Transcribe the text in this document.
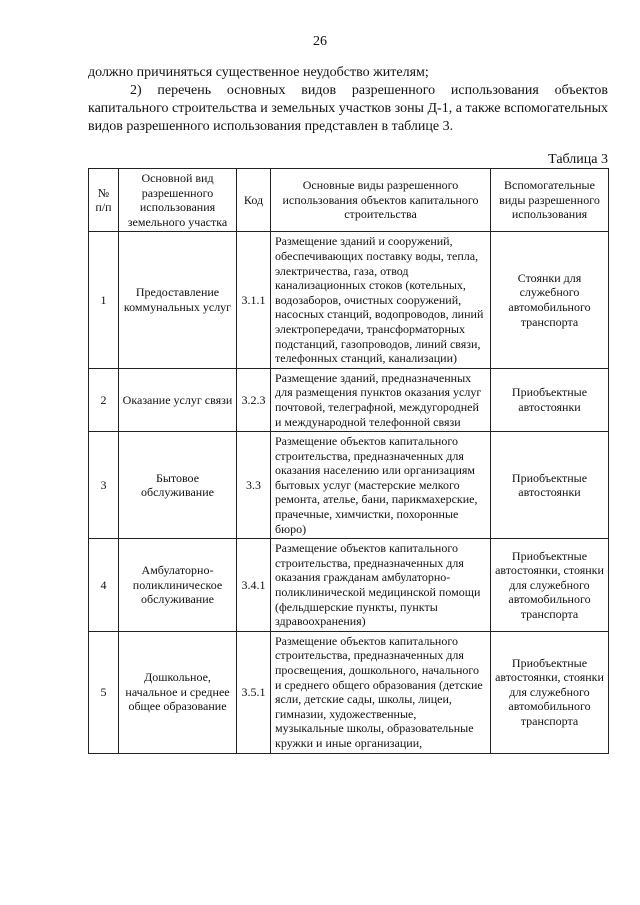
26

должно причиняться существенное неудобство жителям;

2) перечень основных видов разрешенного использования объектов капитального строительства и земельных участков зоны Д-1, а также вспомогательных видов разрешенного использования представлен в таблице 3.

Таблица 3
№ п/п	Основной вид разрешенного использования земельного участка	Код	Основные виды разрешенного использования объектов капитального строительства	Вспомогательные виды разрешенного использования
1	Предоставление коммунальных услуг	3.1.1	Размещение зданий и сооружений, обеспечивающих поставку воды, тепла, электричества, газа, отвод канализационных стоков (котельных, водозаборов, очистных сооружений, насосных станций, водопроводов, линий электропередачи, трансформаторных подстанций, газопроводов, линий связи, телефонных станций, канализации)	Стоянки для служебного автомобильного транспорта
2	Оказание услуг связи	3.2.3	Размещение зданий, предназначенных для размещения пунктов оказания услуг почтовой, телеграфной, междугородней и международной телефонной связи	Приобъектные автостоянки
3	Бытовое обслуживание	3.3	Размещение объектов капитального строительства, предназначенных для оказания населению или организациям бытовых услуг (мастерские мелкого ремонта, ателье, бани, парикмахерские, прачечные, химчистки, похоронные бюро)	Приобъектные автостоянки
4	Амбулаторно-поликлиническое обслуживание	3.4.1	Размещение объектов капитального строительства, предназначенных для оказания гражданам амбулаторно-поликлинической медицинской помощи (фельдшерские пункты, пункты здравоохранения)	Приобъектные автостоянки, стоянки для служебного автомобильного транспорта
5	Дошкольное, начальное и среднее общее образование	3.5.1	Размещение объектов капитального строительства, предназначенных для просвещения, дошкольного, начального и среднего общего образования (детские ясли, детские сады, школы, лицеи, гимназии, художественные, музыкальные школы, образовательные кружки и иные организации,	Приобъектные автостоянки, стоянки для служебного автомобильного транспорта
